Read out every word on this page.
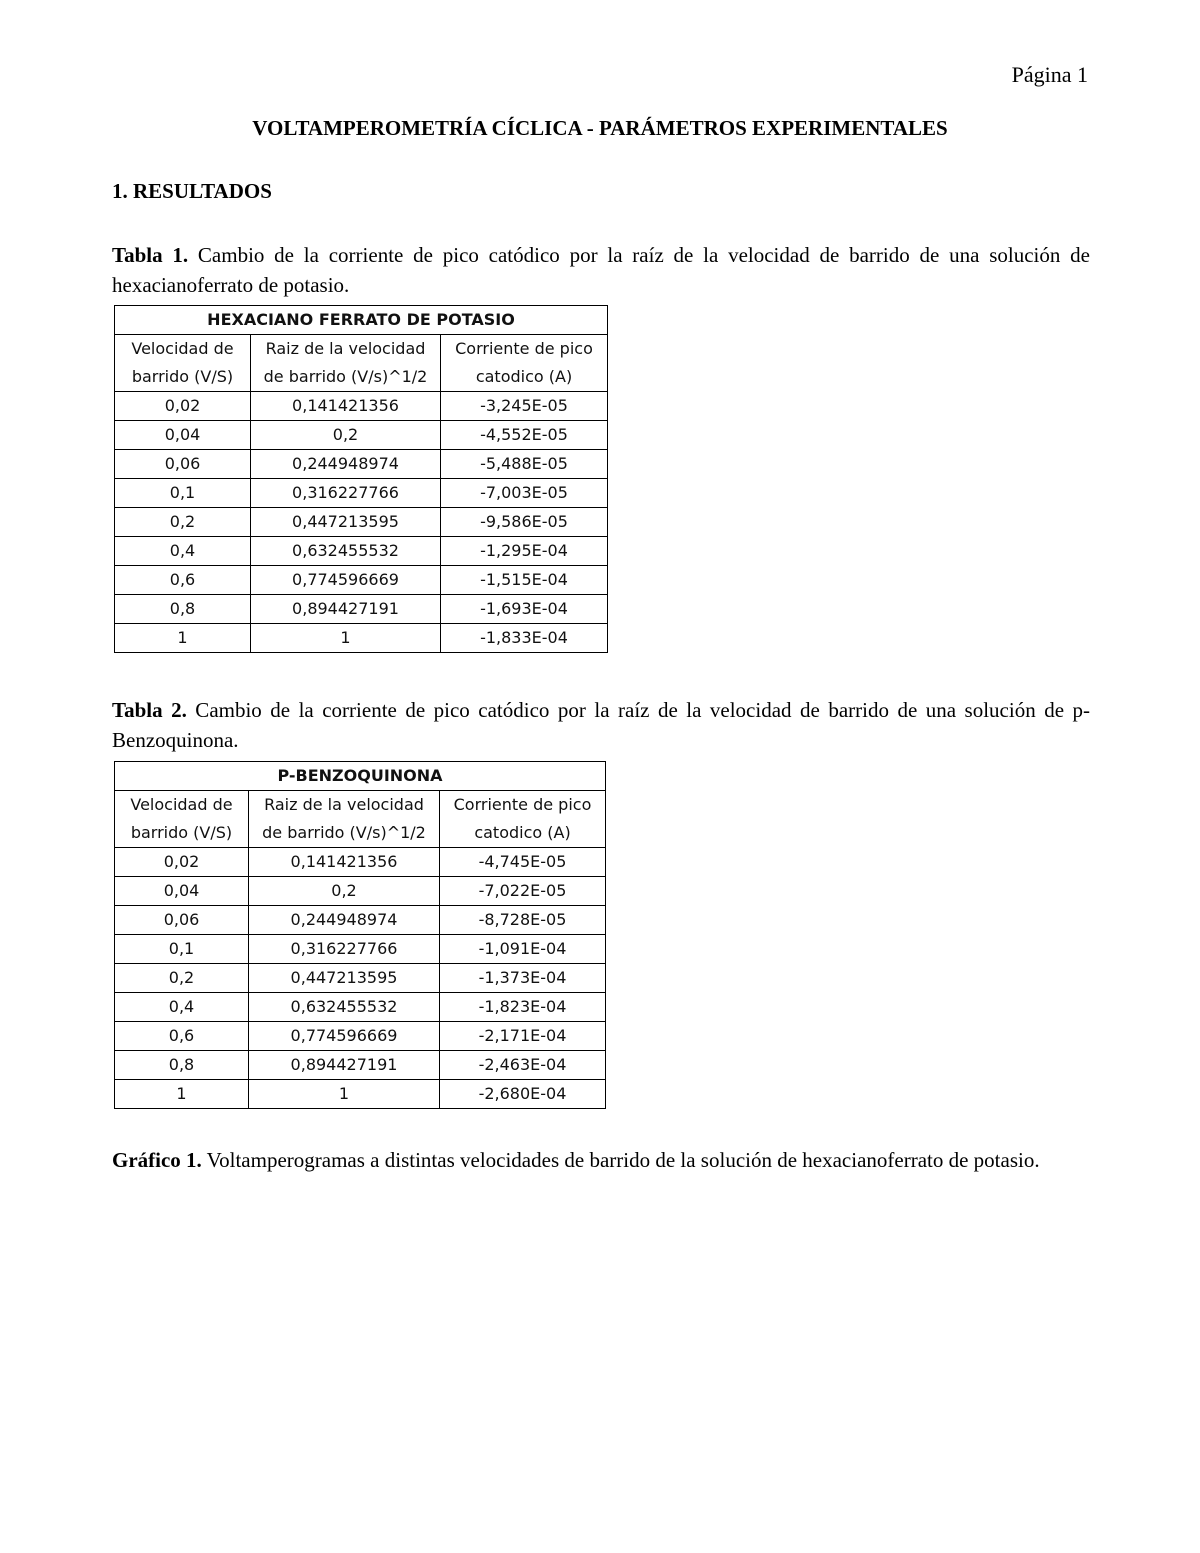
Página 1
VOLTAMPEROMETRÍA CÍCLICA - PARÁMETROS EXPERIMENTALES
1. RESULTADOS
Tabla 1. Cambio de la corriente de pico catódico por la raíz de la velocidad de barrido de una solución de hexacianoferrato de potasio.
HEXACIANO FERRATO DE POTASIO		
Velocidad de	Raiz de la velocidad	Corriente de pico
barrido (V/S)	de barrido (V/s)^1/2	catodico (A)
0,02	0,141421356	-3,245E-05
0,04	0,2	-4,552E-05
0,06	0,244948974	-5,488E-05
0,1	0,316227766	-7,003E-05
0,2	0,447213595	-9,586E-05
0,4	0,632455532	-1,295E-04
0,6	0,774596669	-1,515E-04
0,8	0,894427191	-1,693E-04
1	1	-1,833E-04
Tabla 2. Cambio de la corriente de pico catódico por la raíz de la velocidad de barrido de una solución de p-Benzoquinona.
P-BENZOQUINONA		
Velocidad de	Raiz de la velocidad	Corriente de pico
barrido (V/S)	de barrido (V/s)^1/2	catodico (A)
0,02	0,141421356	-4,745E-05
0,04	0,2	-7,022E-05
0,06	0,244948974	-8,728E-05
0,1	0,316227766	-1,091E-04
0,2	0,447213595	-1,373E-04
0,4	0,632455532	-1,823E-04
0,6	0,774596669	-2,171E-04
0,8	0,894427191	-2,463E-04
1	1	-2,680E-04
Gráfico 1. Voltamperogramas a distintas velocidades de barrido de la solución de hexacianoferrato de potasio.
